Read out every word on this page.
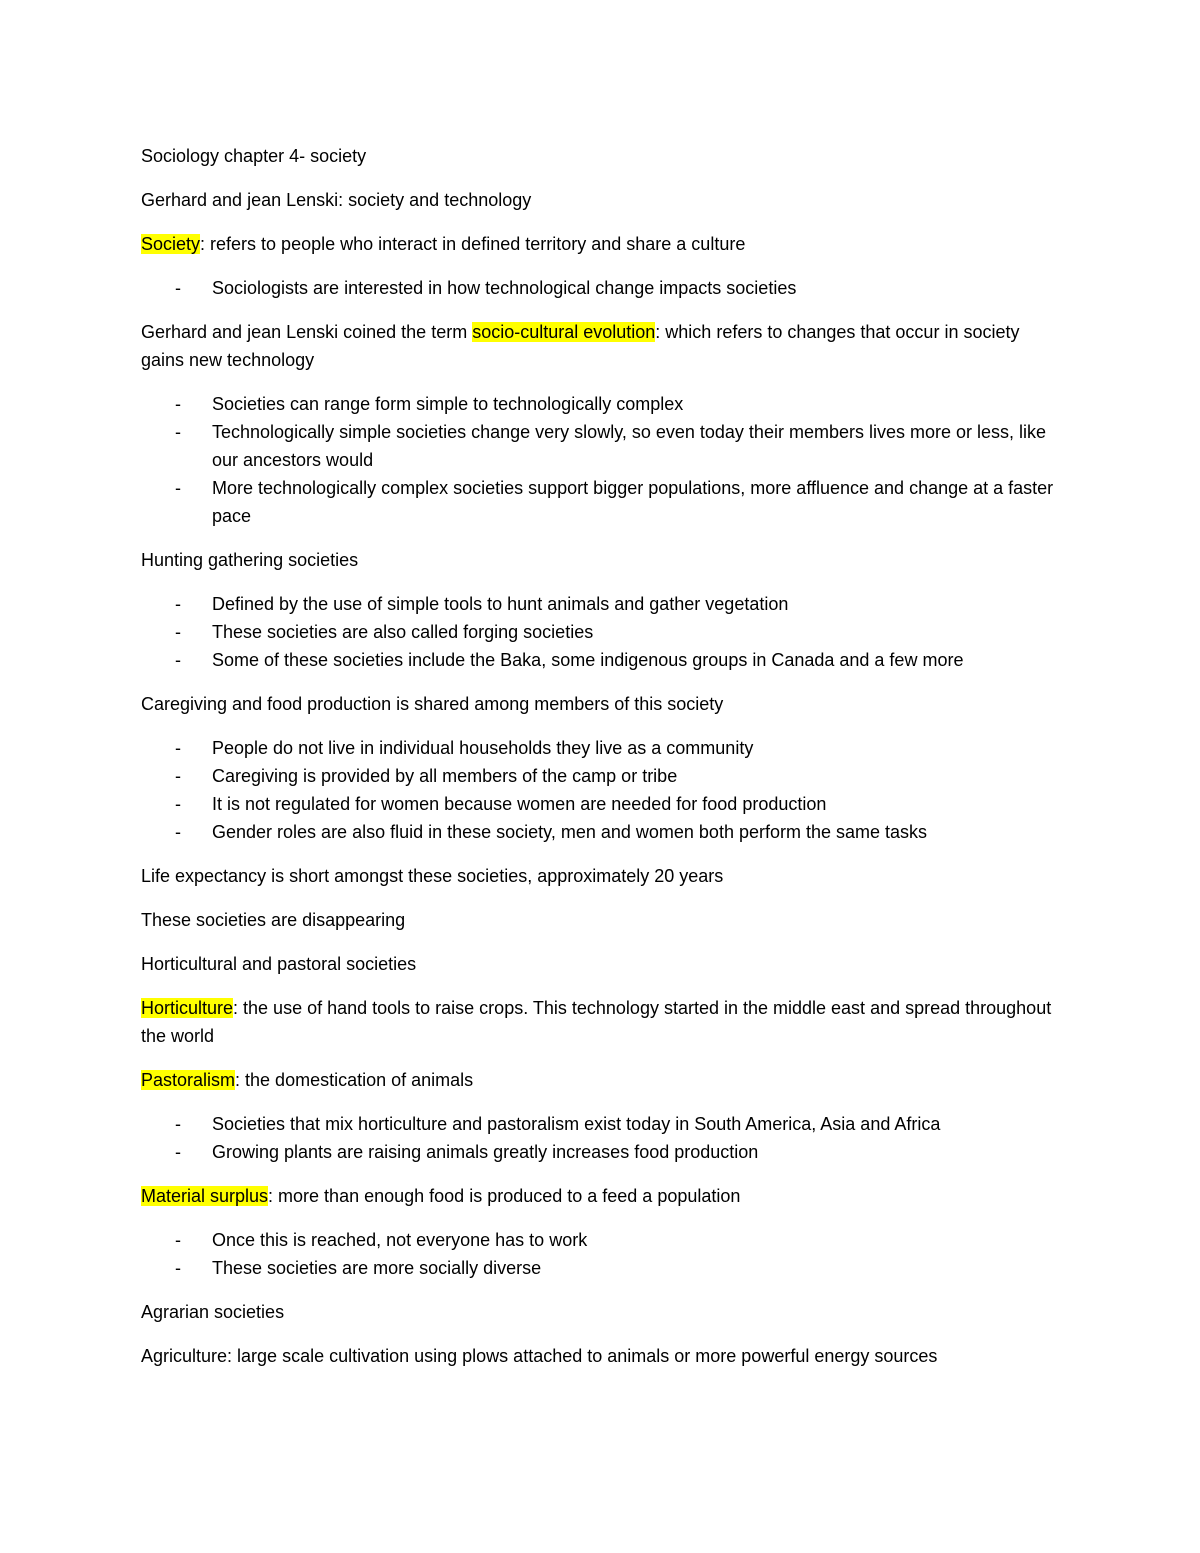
Sociology chapter 4- society

Gerhard and jean Lenski: society and technology

Society: refers to people who interact in defined territory and share a culture

- Sociologists are interested in how technological change impacts societies

Gerhard and jean Lenski coined the term socio-cultural evolution: which refers to changes that occur in society gains new technology

- Societies can range form simple to technologically complex
- Technologically simple societies change very slowly, so even today their members lives more or less, like our ancestors would
- More technologically complex societies support bigger populations, more affluence and change at a faster pace

Hunting gathering societies

- Defined by the use of simple tools to hunt animals and gather vegetation
- These societies are also called forging societies
- Some of these societies include the Baka, some indigenous groups in Canada and a few more

Caregiving and food production is shared among members of this society

- People do not live in individual households they live as a community
- Caregiving is provided by all members of the camp or tribe
- It is not regulated for women because women are needed for food production
- Gender roles are also fluid in these society, men and women both perform the same tasks

Life expectancy is short amongst these societies, approximately 20 years

These societies are disappearing

Horticultural and pastoral societies

Horticulture: the use of hand tools to raise crops. This technology started in the middle east and spread throughout the world

Pastoralism: the domestication of animals

- Societies that mix horticulture and pastoralism exist today in South America, Asia and Africa
- Growing plants are raising animals greatly increases food production

Material surplus: more than enough food is produced to a feed a population

- Once this is reached, not everyone has to work
- These societies are more socially diverse

Agrarian societies

Agriculture: large scale cultivation using plows attached to animals or more powerful energy sources
